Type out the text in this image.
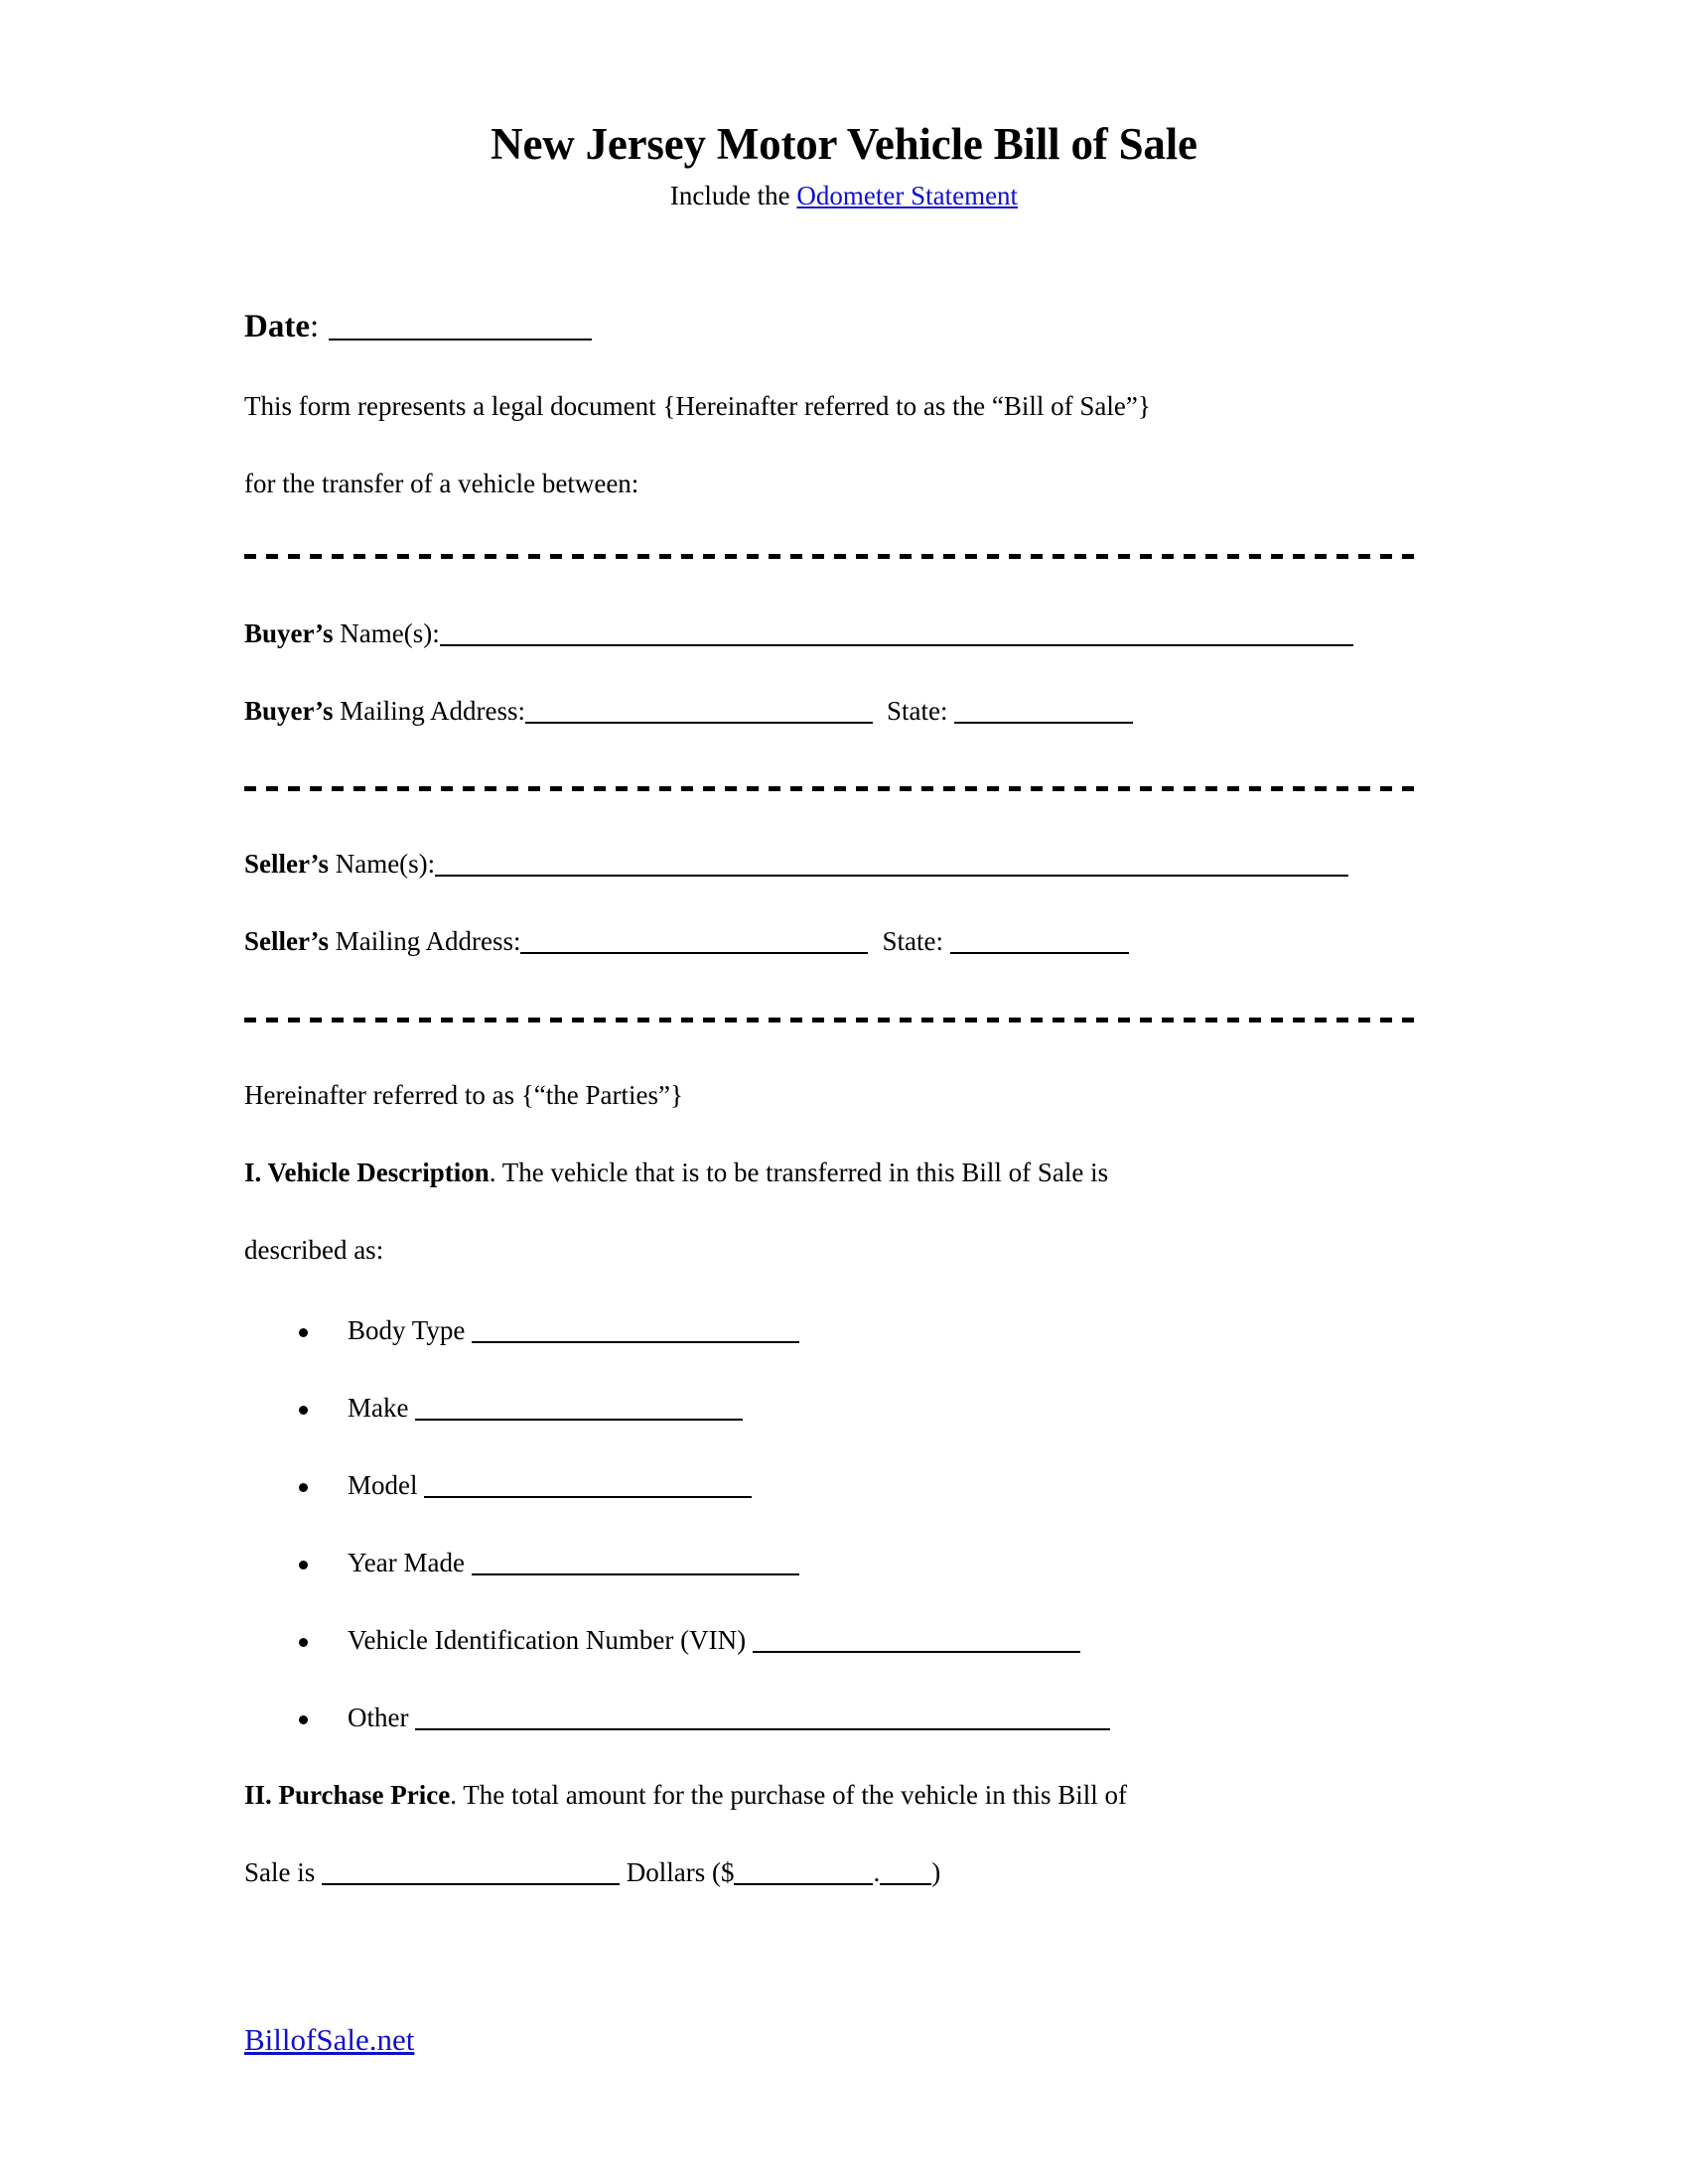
New Jersey Motor Vehicle Bill of Sale
Include the Odometer Statement
Date:
This form represents a legal document {Hereinafter referred to as the “Bill of Sale”}
for the transfer of a vehicle between:
Buyer’s Name(s):
Buyer’s Mailing Address:	State:
Seller’s Name(s):
Seller’s Mailing Address:	State:
Hereinafter referred to as {“the Parties”}
I. Vehicle Description. The vehicle that is to be transferred in this Bill of Sale is
described as:
Body Type
Make
Model
Year Made
Vehicle Identification Number (VIN)
Other
II. Purchase Price. The total amount for the purchase of the vehicle in this Bill of
Sale is	Dollars ($	. )
BillofSale.net
